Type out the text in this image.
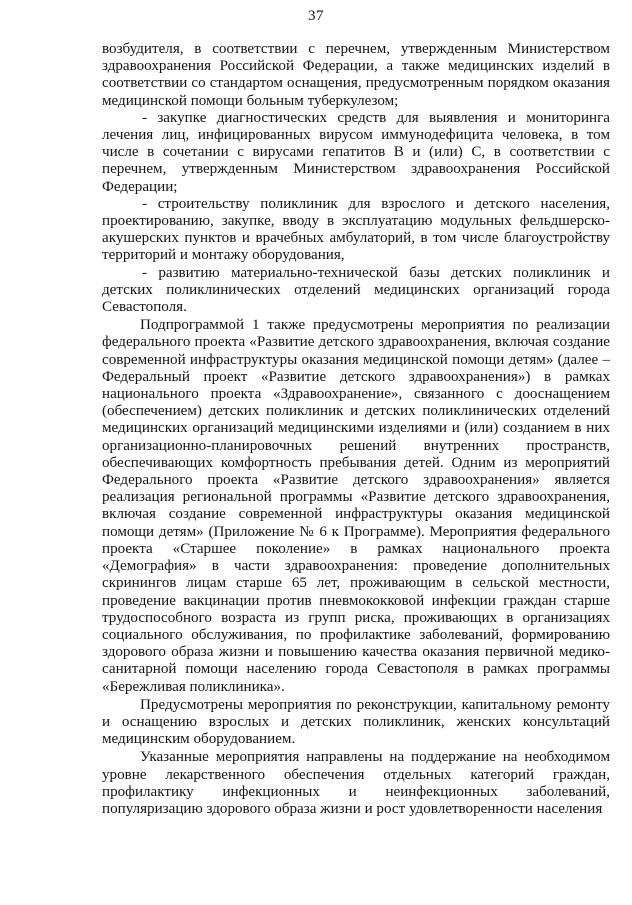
37

возбудителя, в соответствии с перечнем, утвержденным Министерством здравоохранения Российской Федерации, а также медицинских изделий в соответствии со стандартом оснащения, предусмотренным порядком оказания медицинской помощи больным туберкулезом;

- закупке диагностических средств для выявления и мониторинга лечения лиц, инфицированных вирусом иммунодефицита человека, в том числе в сочетании с вирусами гепатитов В и (или) С, в соответствии с перечнем, утвержденным Министерством здравоохранения Российской Федерации;

- строительству поликлиник для взрослого и детского населения, проектированию, закупке, вводу в эксплуатацию модульных фельдшерско-акушерских пунктов и врачебных амбулаторий, в том числе благоустройству территорий и монтажу оборудования,

- развитию материально-технической базы детских поликлиник и детских поликлинических отделений медицинских организаций города Севастополя.

Подпрограммой 1 также предусмотрены мероприятия по реализации федерального проекта «Развитие детского здравоохранения, включая создание современной инфраструктуры оказания медицинской помощи детям» (далее – Федеральный проект «Развитие детского здравоохранения») в рамках национального проекта «Здравоохранение», связанного с дооснащением (обеспечением) детских поликлиник и детских поликлинических отделений медицинских организаций медицинскими изделиями и (или) созданием в них организационно-планировочных решений внутренних пространств, обеспечивающих комфортность пребывания детей. Одним из мероприятий Федерального проекта «Развитие детского здравоохранения» является реализация региональной программы «Развитие детского здравоохранения, включая создание современной инфраструктуры оказания медицинской помощи детям» (Приложение № 6 к Программе). Мероприятия федерального проекта «Старшее поколение» в рамках национального проекта «Демография» в части здравоохранения: проведение дополнительных скринингов лицам старше 65 лет, проживающим в сельской местности, проведение вакцинации против пневмококковой инфекции граждан старше трудоспособного возраста из групп риска, проживающих в организациях социального обслуживания, по профилактике заболеваний, формированию здорового образа жизни и повышению качества оказания первичной медико-санитарной помощи населению города Севастополя в рамках программы «Бережливая поликлиника».

Предусмотрены мероприятия по реконструкции, капитальному ремонту и оснащению взрослых и детских поликлиник, женских консультаций медицинским оборудованием.

Указанные мероприятия направлены на поддержание на необходимом уровне лекарственного обеспечения отдельных категорий граждан, профилактику инфекционных и неинфекционных заболеваний, популяризацию здорового образа жизни и рост удовлетворенности населения
